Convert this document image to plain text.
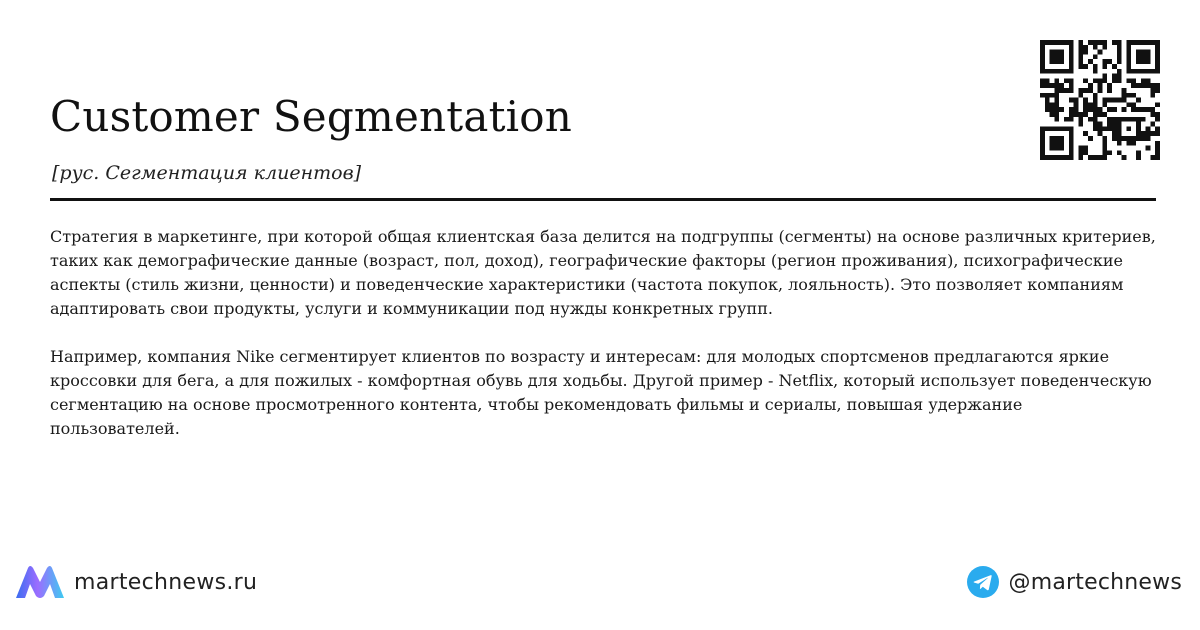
Customer Segmentation
[рус. Сегментация клиентов]

Стратегия в маркетинге, при которой общая клиентская база делится на подгруппы (сегменты) на основе различных критериев, таких как демографические данные (возраст, пол, доход), географические факторы (регион проживания), психографические аспекты (стиль жизни, ценности) и поведенческие характеристики (частота покупок, лояльность). Это позволяет компаниям адаптировать свои продукты, услуги и коммуникации под нужды конкретных групп.

Например, компания Nike сегментирует клиентов по возрасту и интересам: для молодых спортсменов предлагаются яркие кроссовки для бега, а для пожилых - комфортная обувь для ходьбы. Другой пример - Netflix, который использует поведенческую сегментацию на основе просмотренного контента, чтобы рекомендовать фильмы и сериалы, повышая удержание пользователей.

martechnews.ru	@martechnews
